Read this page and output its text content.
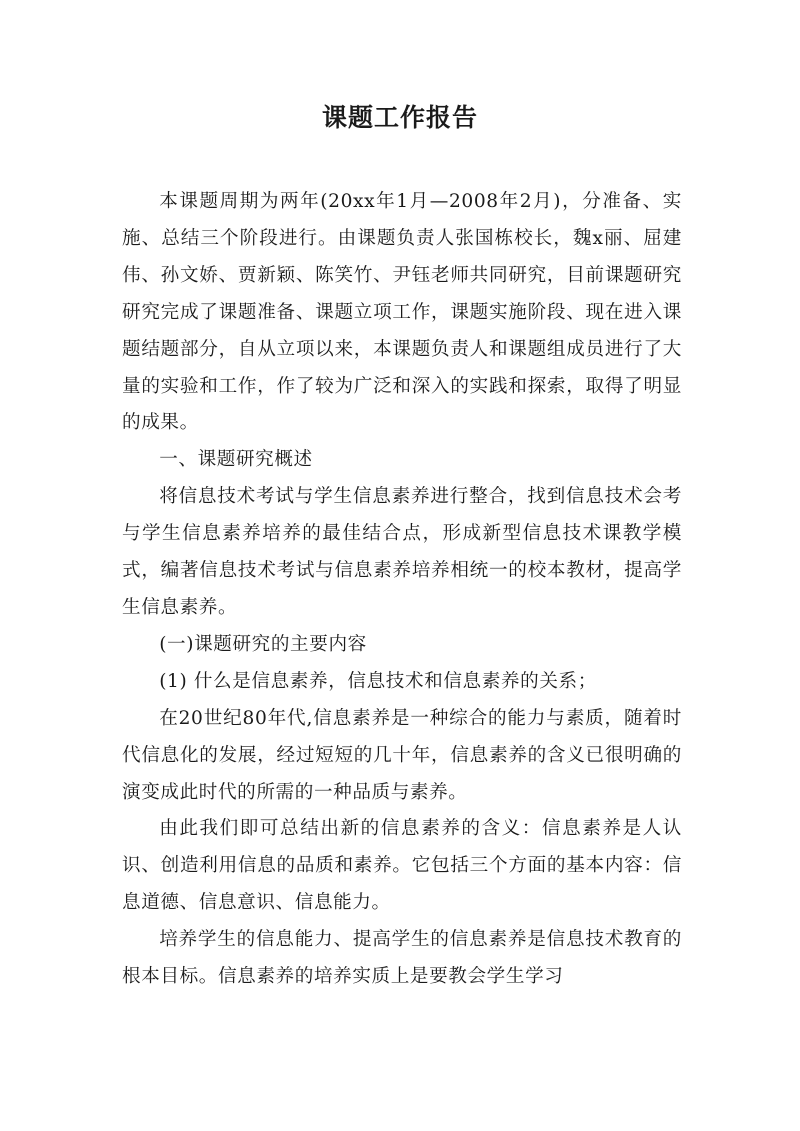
课题工作报告

本课题周期为两年(20xx年1月—2008年2月)，分准备、实施、总结三个阶段进行。由课题负责人张国栋校长，魏x丽、屈建伟、孙文娇、贾新颖、陈笑竹、尹钰老师共同研究，目前课题研究研究完成了课题准备、课题立项工作，课题实施阶段、现在进入课题结题部分，自从立项以来，本课题负责人和课题组成员进行了大量的实验和工作，作了较为广泛和深入的实践和探索，取得了明显的成果。

一、课题研究概述

将信息技术考试与学生信息素养进行整合，找到信息技术会考与学生信息素养培养的最佳结合点，形成新型信息技术课教学模式，编著信息技术考试与信息素养培养相统一的校本教材，提高学生信息素养。

(一)课题研究的主要内容

(1) 什么是信息素养，信息技术和信息素养的关系；

在20世纪80年代,信息素养是一种综合的能力与素质，随着时代信息化的发展，经过短短的几十年，信息素养的含义已很明确的演变成此时代的所需的一种品质与素养。

由此我们即可总结出新的信息素养的含义：信息素养是人认识、创造利用信息的品质和素养。它包括三个方面的基本内容：信息道德、信息意识、信息能力。

培养学生的信息能力、提高学生的信息素养是信息技术教育的根本目标。信息素养的培养实质上是要教会学生学习
